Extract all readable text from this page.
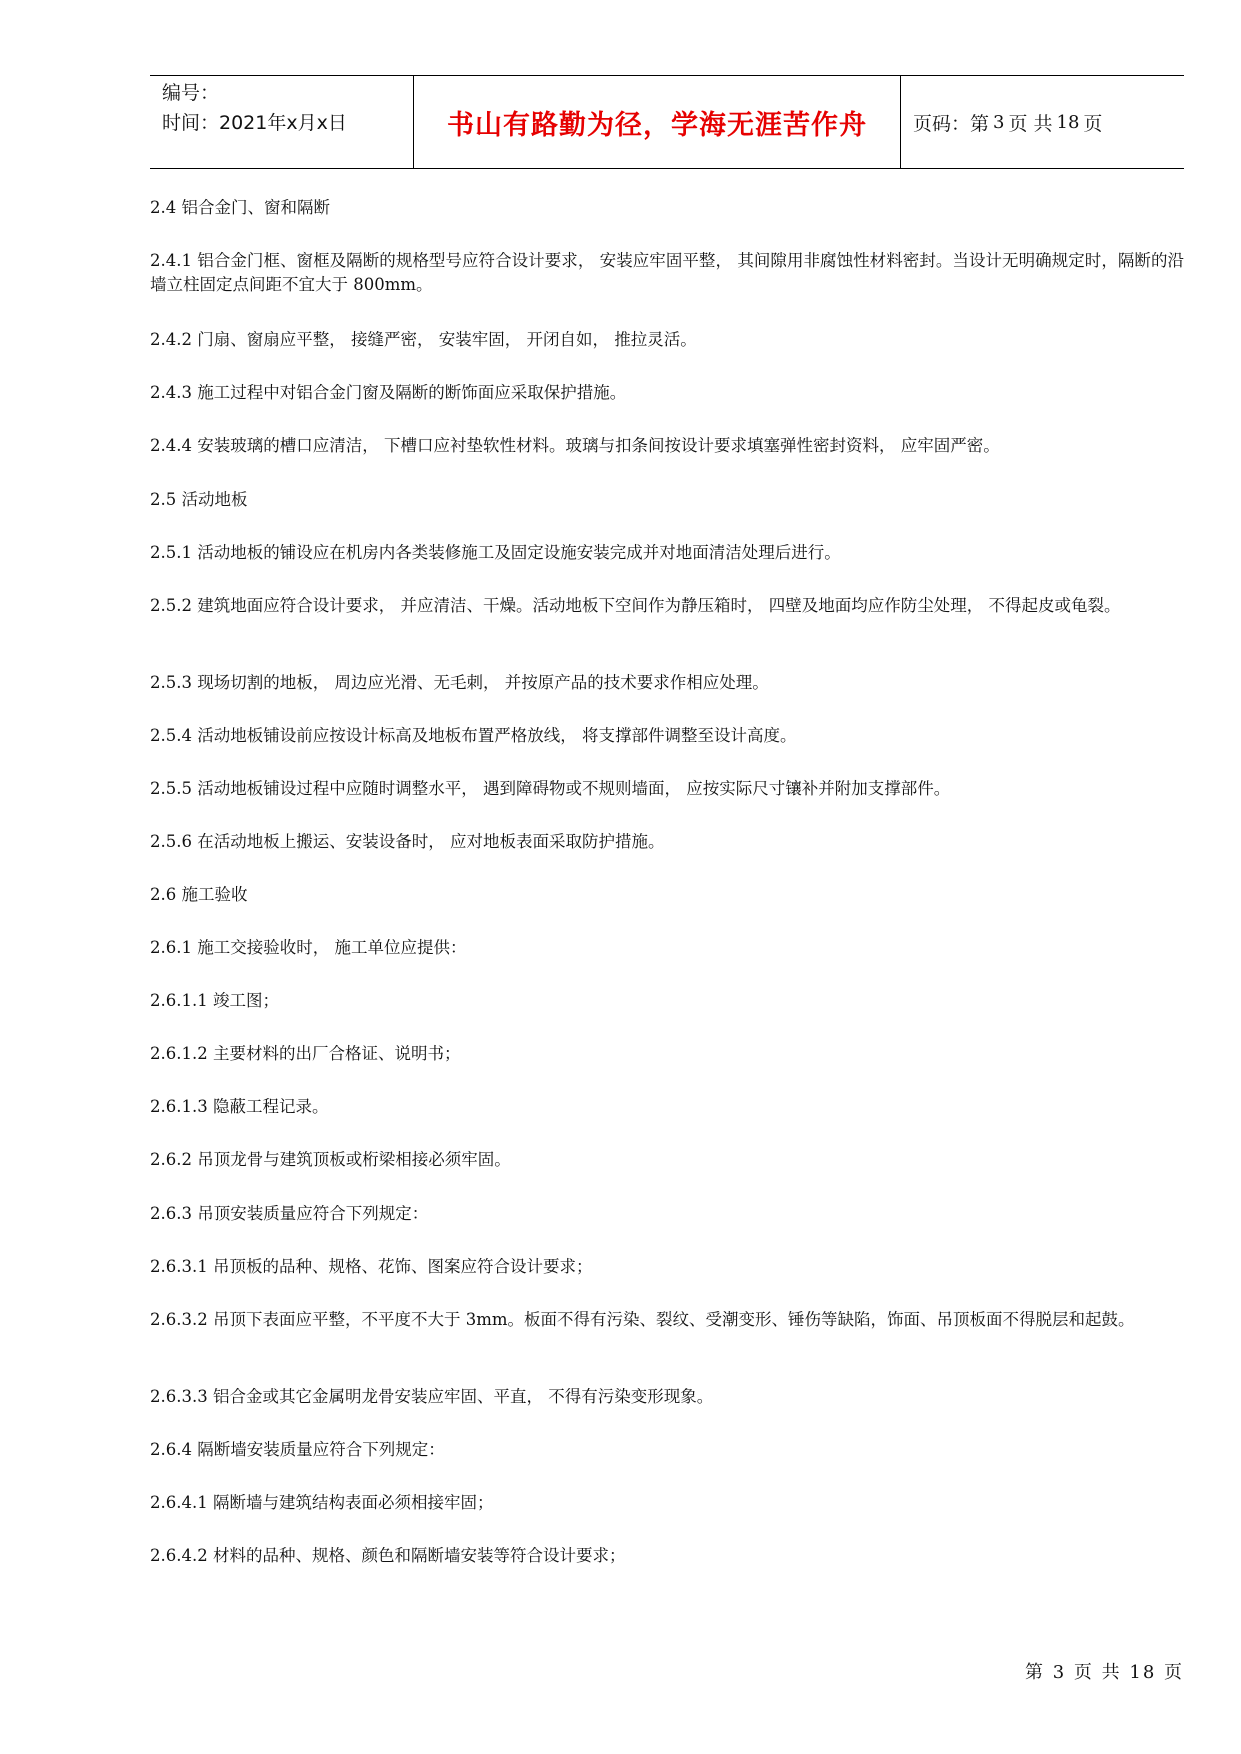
编号：
时间：2021年x月x日	书山有路勤为径，学海无涯苦作舟	页码：第 3 页 共 18 页

2.4 铝合金门、窗和隔断

2.4.1 铝合金门框、窗框及隔断的规格型号应符合设计要求， 安装应牢固平整， 其间隙用非腐蚀性材料密封。当设计无明确规定时，隔断的沿墙立柱固定点间距不宜大于 800mm。

2.4.2 门扇、窗扇应平整， 接缝严密， 安装牢固， 开闭自如， 推拉灵活。

2.4.3 施工过程中对铝合金门窗及隔断的断饰面应采取保护措施。

2.4.4 安装玻璃的槽口应清洁， 下槽口应衬垫软性材料。玻璃与扣条间按设计要求填塞弹性密封资料， 应牢固严密。

2.5 活动地板

2.5.1 活动地板的铺设应在机房内各类装修施工及固定设施安装完成并对地面清洁处理后进行。

2.5.2 建筑地面应符合设计要求， 并应清洁、干燥。活动地板下空间作为静压箱时， 四壁及地面均应作防尘处理， 不得起皮或龟裂。

2.5.3 现场切割的地板， 周边应光滑、无毛刺， 并按原产品的技术要求作相应处理。

2.5.4 活动地板铺设前应按设计标高及地板布置严格放线， 将支撑部件调整至设计高度。

2.5.5 活动地板铺设过程中应随时调整水平， 遇到障碍物或不规则墙面， 应按实际尺寸镶补并附加支撑部件。

2.5.6 在活动地板上搬运、安装设备时， 应对地板表面采取防护措施。

2.6 施工验收

2.6.1 施工交接验收时， 施工单位应提供：

2.6.1.1 竣工图；

2.6.1.2 主要材料的出厂合格证、说明书；

2.6.1.3 隐蔽工程记录。

2.6.2 吊顶龙骨与建筑顶板或桁梁相接必须牢固。

2.6.3 吊顶安装质量应符合下列规定：

2.6.3.1 吊顶板的品种、规格、花饰、图案应符合设计要求；

2.6.3.2 吊顶下表面应平整，不平度不大于 3mm。板面不得有污染、裂纹、受潮变形、锤伤等缺陷，饰面、吊顶板面不得脱层和起鼓。

2.6.3.3 铝合金或其它金属明龙骨安装应牢固、平直， 不得有污染变形现象。

2.6.4 隔断墙安装质量应符合下列规定：

2.6.4.1 隔断墙与建筑结构表面必须相接牢固；

2.6.4.2 材料的品种、规格、颜色和隔断墙安装等符合设计要求；

第 3 页 共 18 页
